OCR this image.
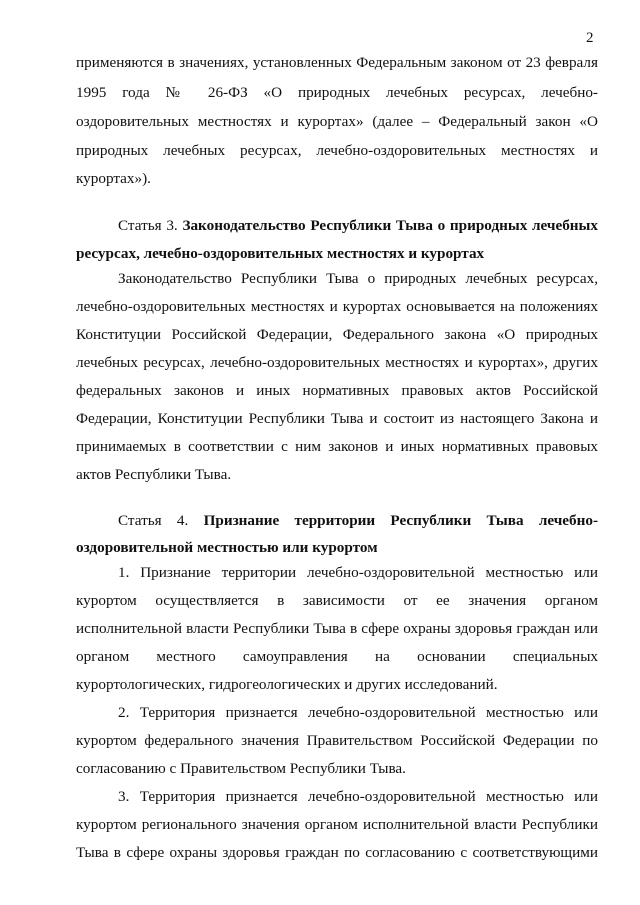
2
применяются в значениях, установленных Федеральным законом от 23 февраля
1995 года № 26-ФЗ «О природных лечебных ресурсах, лечебно-
оздоровительных местностях и курортах» (далее – Федеральный закон «О
природных лечебных ресурсах, лечебно-оздоровительных местностях и
курортах»).
Статья 3. Законодательство Республики Тыва о природных лечебных
ресурсах, лечебно-оздоровительных местностях и курортах
Законодательство Республики Тыва о природных лечебных ресурсах,
лечебно-оздоровительных местностях и курортах основывается на положениях
Конституции Российской Федерации, Федерального закона «О природных
лечебных ресурсах, лечебно-оздоровительных местностях и курортах», других
федеральных законов и иных нормативных правовых актов Российской
Федерации, Конституции Республики Тыва и состоит из настоящего Закона и
принимаемых в соответствии с ним законов и иных нормативных правовых
актов Республики Тыва.
Статья 4. Признание территории Республики Тыва лечебно-
оздоровительной местностью или курортом
1. Признание территории лечебно-оздоровительной местностью или
курортом осуществляется в зависимости от ее значения органом
исполнительной власти Республики Тыва в сфере охраны здоровья граждан или
органом местного самоуправления на основании специальных
курортологических, гидрогеологических и других исследований.
2. Территория признается лечебно-оздоровительной местностью или
курортом федерального значения Правительством Российской Федерации по
согласованию с Правительством Республики Тыва.
3. Территория признается лечебно-оздоровительной местностью или
курортом регионального значения органом исполнительной власти Республики
Тыва в сфере охраны здоровья граждан по согласованию с соответствующими
